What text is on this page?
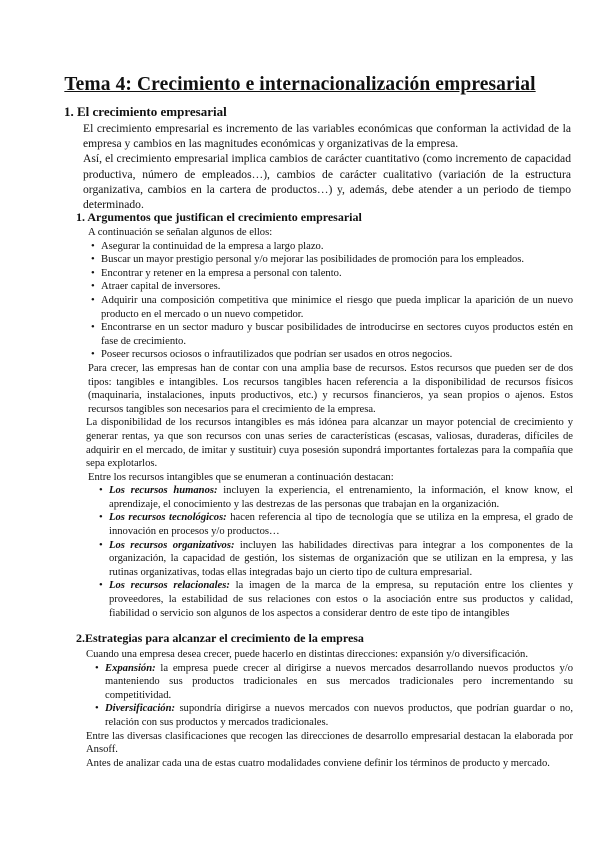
Tema 4: Crecimiento e internacionalización empresarial
1. El crecimiento empresarial
El crecimiento empresarial es incremento de las variables económicas que conforman la actividad de la empresa y cambios en las magnitudes económicas y organizativas de la empresa.
Así, el crecimiento empresarial implica cambios de carácter cuantitativo (como incremento de capacidad productiva, número de empleados…), cambios de carácter cualitativo (variación de la estructura organizativa, cambios en la cartera de productos…) y, además, debe atender a un periodo de tiempo determinado.
1. Argumentos que justifican el crecimiento empresarial
A continuación se señalan algunos de ellos:
• Asegurar la continuidad de la empresa a largo plazo.
• Buscar un mayor prestigio personal y/o mejorar las posibilidades de promoción para los empleados.
• Encontrar y retener en la empresa a personal con talento.
• Atraer capital de inversores.
• Adquirir una composición competitiva que minimice el riesgo que pueda implicar la aparición de un nuevo producto en el mercado o un nuevo competidor.
• Encontrarse en un sector maduro y buscar posibilidades de introducirse en sectores cuyos productos estén en fase de crecimiento.
• Poseer recursos ociosos o infrautilizados que podrían ser usados en otros negocios.
Para crecer, las empresas han de contar con una amplia base de recursos. Estos recursos que pueden ser de dos tipos: tangibles e intangibles. Los recursos tangibles hacen referencia a la disponibilidad de recursos físicos (maquinaria, instalaciones, inputs productivos, etc.) y recursos financieros, ya sean propios o ajenos. Estos recursos tangibles son necesarios para el crecimiento de la empresa.
La disponibilidad de los recursos intangibles es más idónea para alcanzar un mayor potencial de crecimiento y generar rentas, ya que son recursos con unas series de características (escasas, valiosas, duraderas, difíciles de adquirir en el mercado, de imitar y sustituir) cuya posesión supondrá importantes fortalezas para la compañía que sepa explotarlos.
Entre los recursos intangibles que se enumeran a continuación destacan:
• Los recursos humanos: incluyen la experiencia, el entrenamiento, la información, el know know, el aprendizaje, el conocimiento y las destrezas de las personas que trabajan en la organización.
• Los recursos tecnológicos: hacen referencia al tipo de tecnología que se utiliza en la empresa, el grado de innovación en procesos y/o productos…
• Los recursos organizativos: incluyen las habilidades directivas para integrar a los componentes de la organización, la capacidad de gestión, los sistemas de organización que se utilizan en la empresa, y las rutinas organizativas, todas ellas integradas bajo un cierto tipo de cultura empresarial.
• Los recursos relacionales: la imagen de la marca de la empresa, su reputación entre los clientes y proveedores, la estabilidad de sus relaciones con estos o la asociación entre sus productos y calidad, fiabilidad o servicio son algunos de los aspectos a considerar dentro de este tipo de intangibles
2.Estrategias para alcanzar el crecimiento de la empresa
Cuando una empresa desea crecer, puede hacerlo en distintas direcciones: expansión y/o diversificación.
• Expansión: la empresa puede crecer al dirigirse a nuevos mercados desarrollando nuevos productos y/o manteniendo sus productos tradicionales en sus mercados tradicionales pero incrementando su competitividad.
• Diversificación: supondría dirigirse a nuevos mercados con nuevos productos, que podrían guardar o no, relación con sus productos y mercados tradicionales.
Entre las diversas clasificaciones que recogen las direcciones de desarrollo empresarial destacan la elaborada por Ansoff.
Antes de analizar cada una de estas cuatro modalidades conviene definir los términos de producto y mercado.
